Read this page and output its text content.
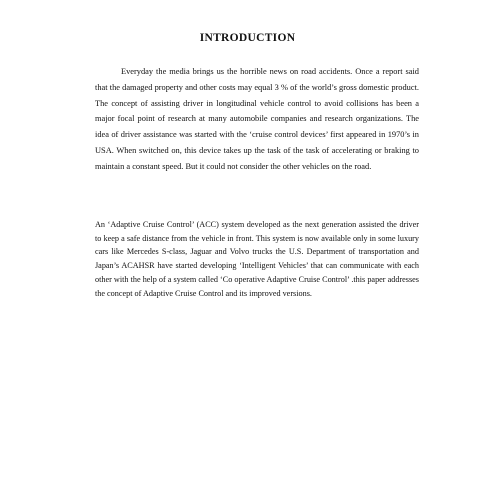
INTRODUCTION

Everyday the media brings us the horrible news on road accidents. Once a report said that the damaged property and other costs may equal 3 % of the world’s gross domestic product. The concept of assisting driver in longitudinal vehicle control to avoid collisions has been a major focal point of research at many automobile companies and research organizations. The idea of driver assistance was started with the ‘cruise control devices’ first appeared in 1970’s in USA. When switched on, this device takes up the task of the task of accelerating or braking to maintain a constant speed. But it could not consider the other vehicles on the road.

An ‘Adaptive Cruise Control’ (ACC) system developed as the next generation assisted the driver to keep a safe distance from the vehicle in front. This system is now available only in some luxury cars like Mercedes S-class, Jaguar and Volvo trucks the U.S. Department of transportation and Japan’s ACAHSR have started developing ‘Intelligent Vehicles’ that can communicate with each other with the help of a system called ‘Co operative Adaptive Cruise Control’ .this paper addresses the concept of Adaptive Cruise Control and its improved versions.
